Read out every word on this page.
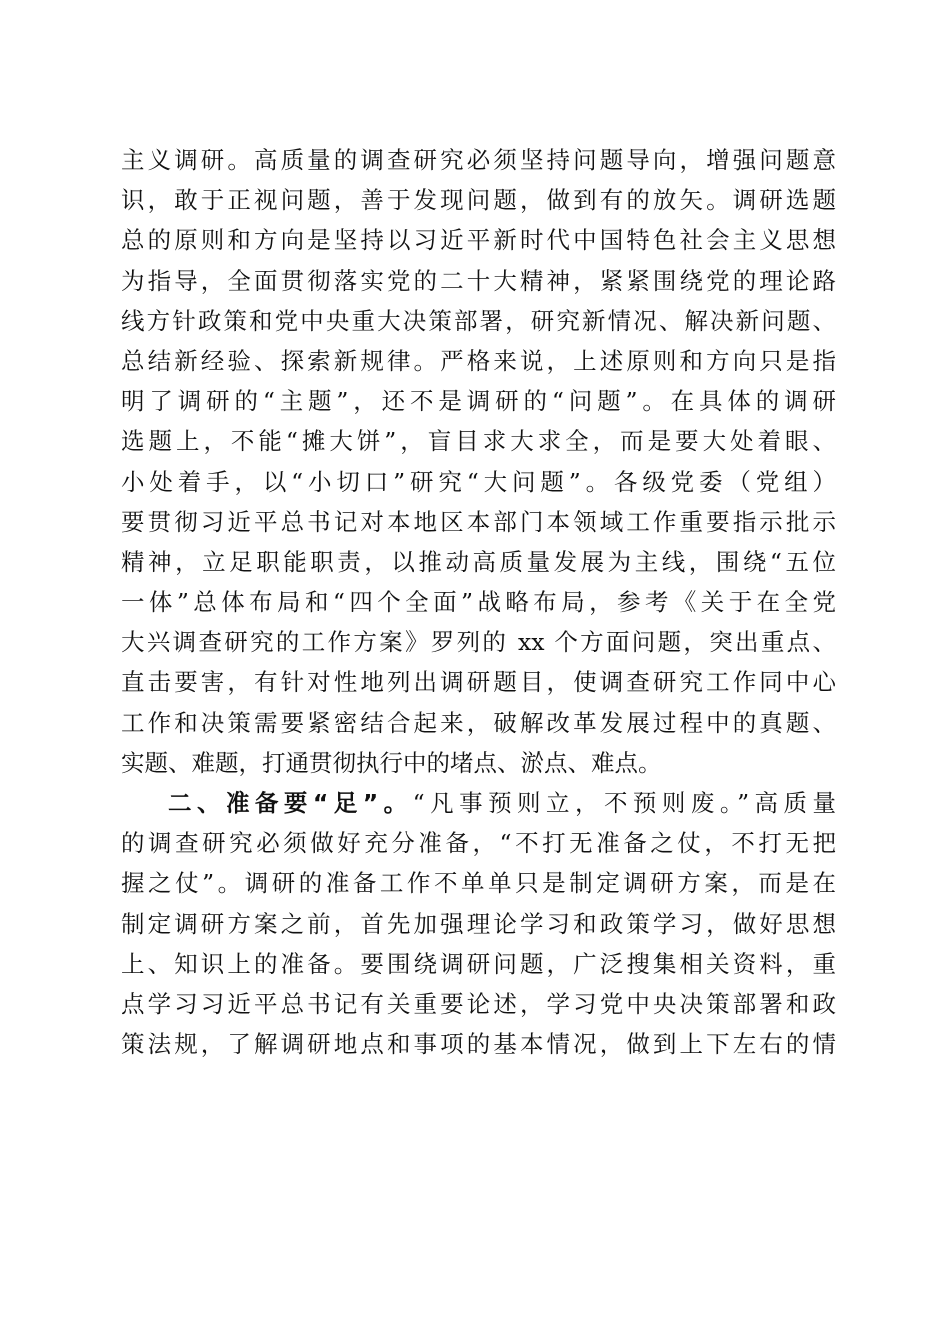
主义调研。高质量的调查研究必须坚持问题导向，增强问题意
识，敢于正视问题，善于发现问题，做到有的放矢。调研选题
总的原则和方向是坚持以习近平新时代中国特色社会主义思想
为指导，全面贯彻落实党的二十大精神，紧紧围绕党的理论路
线方针政策和党中央重大决策部署，研究新情况、解决新问题、
总结新经验、探索新规律。严格来说，上述原则和方向只是指
明了调研的“主题”，还不是调研的“问题”。在具体的调研
选题上，不能“摊大饼”，盲目求大求全，而是要大处着眼、
小处着手，以“小切口”研究“大问题”。各级党委（党组）
要贯彻习近平总书记对本地区本部门本领域工作重要指示批示
精神，立足职能职责，以推动高质量发展为主线，围绕“五位
一体”总体布局和“四个全面”战略布局，参考《关于在全党
大兴调查研究的工作方案》罗列的 xx 个方面问题，突出重点、
直击要害，有针对性地列出调研题目，使调查研究工作同中心
工作和决策需要紧密结合起来，破解改革发展过程中的真题、
实题、难题，打通贯彻执行中的堵点、淤点、难点。
二、准备要“足”。“凡事预则立，不预则废。”高质量
的调查研究必须做好充分准备，“不打无准备之仗，不打无把
握之仗”。调研的准备工作不单单只是制定调研方案，而是在
制定调研方案之前，首先加强理论学习和政策学习，做好思想
上、知识上的准备。要围绕调研问题，广泛搜集相关资料，重
点学习习近平总书记有关重要论述，学习党中央决策部署和政
策法规，了解调研地点和事项的基本情况，做到上下左右的情
